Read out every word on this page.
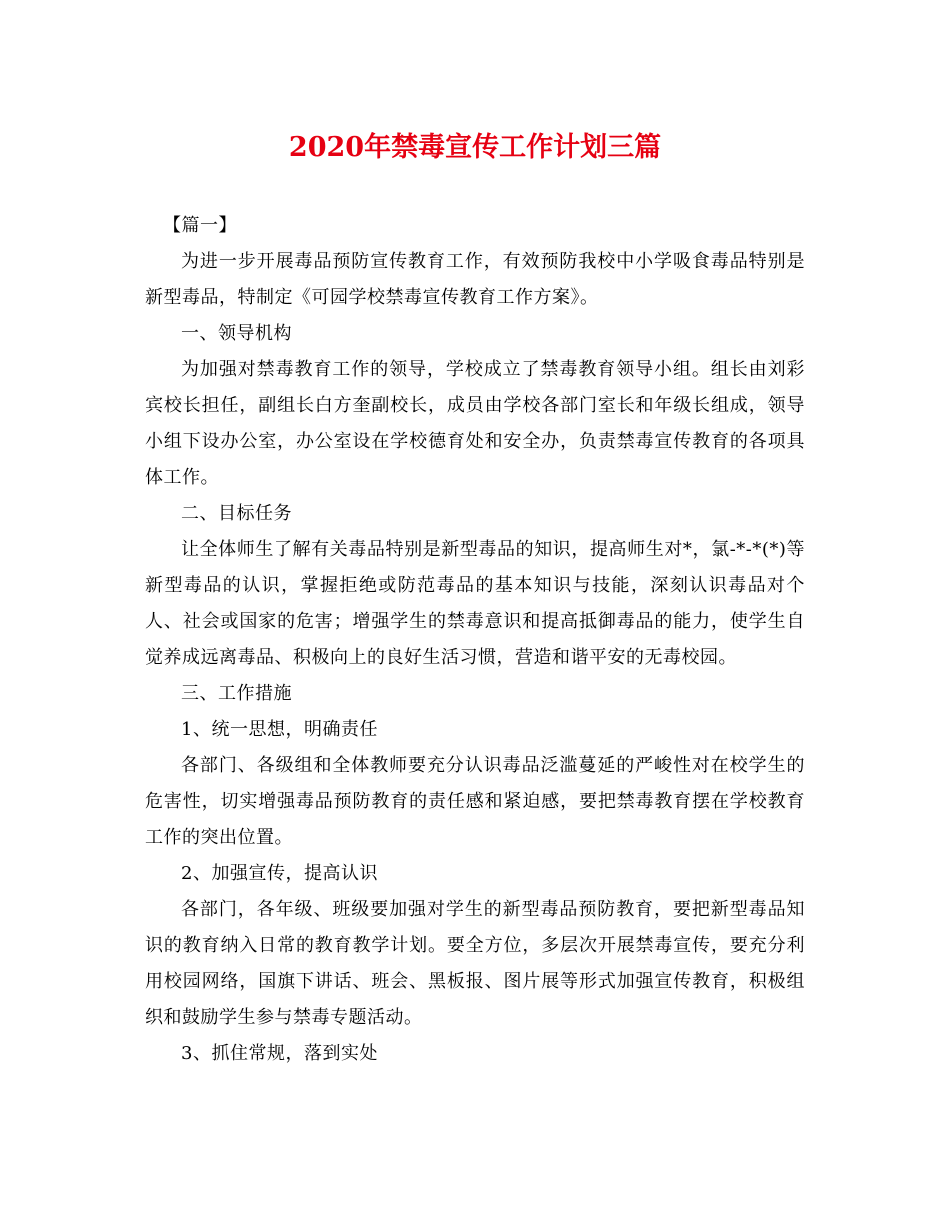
2020年禁毒宣传工作计划三篇

【篇一】

为进一步开展毒品预防宣传教育工作，有效预防我校中小学吸食毒品特别是新型毒品，特制定《可园学校禁毒宣传教育工作方案》。

一、领导机构

为加强对禁毒教育工作的领导，学校成立了禁毒教育领导小组。组长由刘彩宾校长担任，副组长白方奎副校长，成员由学校各部门室长和年级长组成，领导小组下设办公室，办公室设在学校德育处和安全办，负责禁毒宣传教育的各项具体工作。

二、目标任务

让全体师生了解有关毒品特别是新型毒品的知识，提高师生对*，氯-*-*(*)等新型毒品的认识，掌握拒绝或防范毒品的基本知识与技能，深刻认识毒品对个人、社会或国家的危害；增强学生的禁毒意识和提高抵御毒品的能力，使学生自觉养成远离毒品、积极向上的良好生活习惯，营造和谐平安的无毒校园。

三、工作措施

1、统一思想，明确责任

各部门、各级组和全体教师要充分认识毒品泛滥蔓延的严峻性对在校学生的危害性，切实增强毒品预防教育的责任感和紧迫感，要把禁毒教育摆在学校教育工作的突出位置。

2、加强宣传，提高认识

各部门，各年级、班级要加强对学生的新型毒品预防教育，要把新型毒品知识的教育纳入日常的教育教学计划。要全方位，多层次开展禁毒宣传，要充分利用校园网络，国旗下讲话、班会、黑板报、图片展等形式加强宣传教育，积极组织和鼓励学生参与禁毒专题活动。

3、抓住常规，落到实处
